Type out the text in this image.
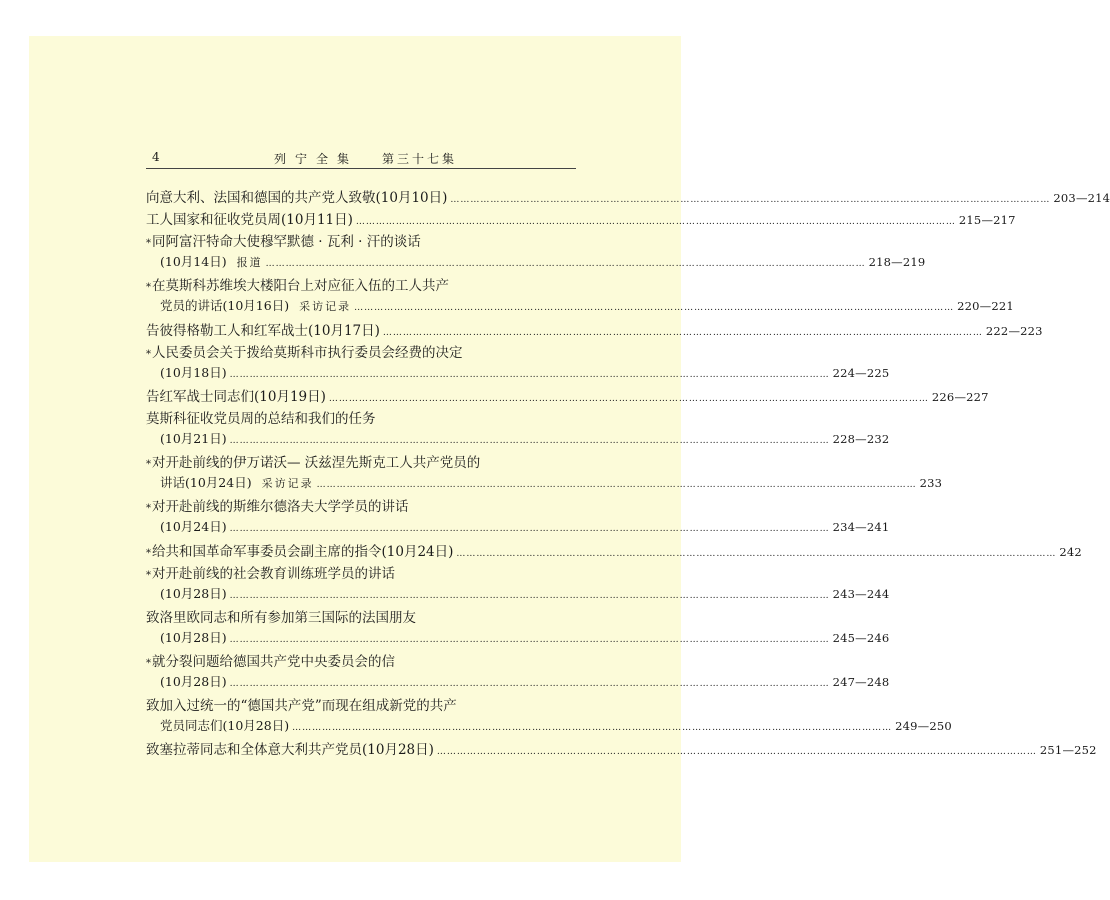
4	列宁全集 第三十七集
向意大利、法国和德国的共产党人致敬(10月10日) ……………………………………………………………………………………………………………………………………………………………… 203—214
工人国家和征收党员周(10月11日) ……………………………………………………………………………………………………………………………………………………………… 215—217
* 同阿富汗特命大使穆罕默德 · 瓦利 · 汗的谈话
(10月14日) 报道 ……………………………………………………………………………………………………………………………………………………………… 218—219
* 在莫斯科苏维埃大楼阳台上对应征入伍的工人共产
党员的讲话(10月16日) 采访记录 ……………………………………………………………………………………………………………………………………………………………… 220—221
告彼得格勒工人和红军战士(10月17日) ……………………………………………………………………………………………………………………………………………………………… 222—223
* 人民委员会关于拨给莫斯科市执行委员会经费的决定
(10月18日) ……………………………………………………………………………………………………………………………………………………………… 224—225
告红军战士同志们(10月19日) ……………………………………………………………………………………………………………………………………………………………… 226—227
莫斯科征收党员周的总结和我们的任务
(10月21日) ……………………………………………………………………………………………………………………………………………………………… 228—232
* 对开赴前线的伊万诺沃— 沃兹涅先斯克工人共产党员的
讲话(10月24日) 采访记录 ……………………………………………………………………………………………………………………………………………………………… 233
* 对开赴前线的斯维尔德洛夫大学学员的讲话
(10月24日) ……………………………………………………………………………………………………………………………………………………………… 234—241
* 给共和国革命军事委员会副主席的指令(10月24日) ……………………………………………………………………………………………………………………………………………………………… 242
* 对开赴前线的社会教育训练班学员的讲话
(10月28日) ……………………………………………………………………………………………………………………………………………………………… 243—244
致洛里欧同志和所有参加第三国际的法国朋友
(10月28日) ……………………………………………………………………………………………………………………………………………………………… 245—246
* 就分裂问题给德国共产党中央委员会的信
(10月28日) ……………………………………………………………………………………………………………………………………………………………… 247—248
致加入过统一的“德国共产党”而现在组成新党的共产
党员同志们(10月28日) ……………………………………………………………………………………………………………………………………………………………… 249—250
致塞拉蒂同志和全体意大利共产党员(10月28日) ……………………………………………………………………………………………………………………………………………………………… 251—252
